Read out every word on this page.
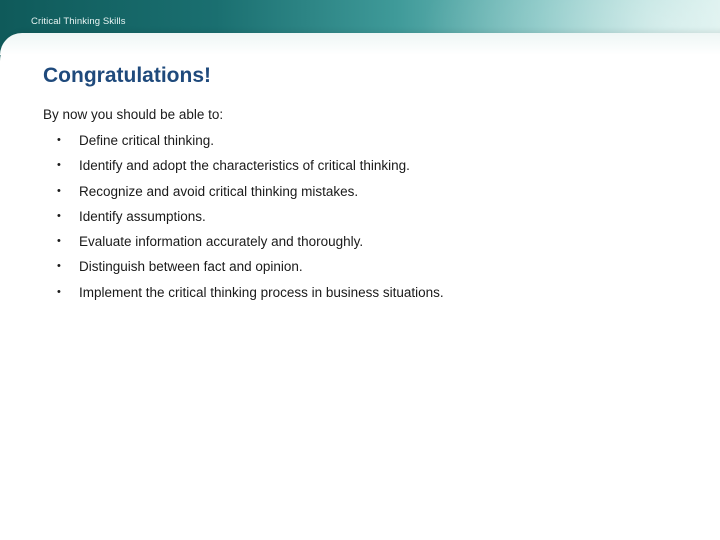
Critical Thinking Skills
Congratulations!

By now you should be able to:

•	Define critical thinking.
•	Identify and adopt the characteristics of critical thinking.
•	Recognize and avoid critical thinking mistakes.
•	Identify assumptions.
•	Evaluate information accurately and thoroughly.
•	Distinguish between fact and opinion.
•	Implement the critical thinking process in business situations.
